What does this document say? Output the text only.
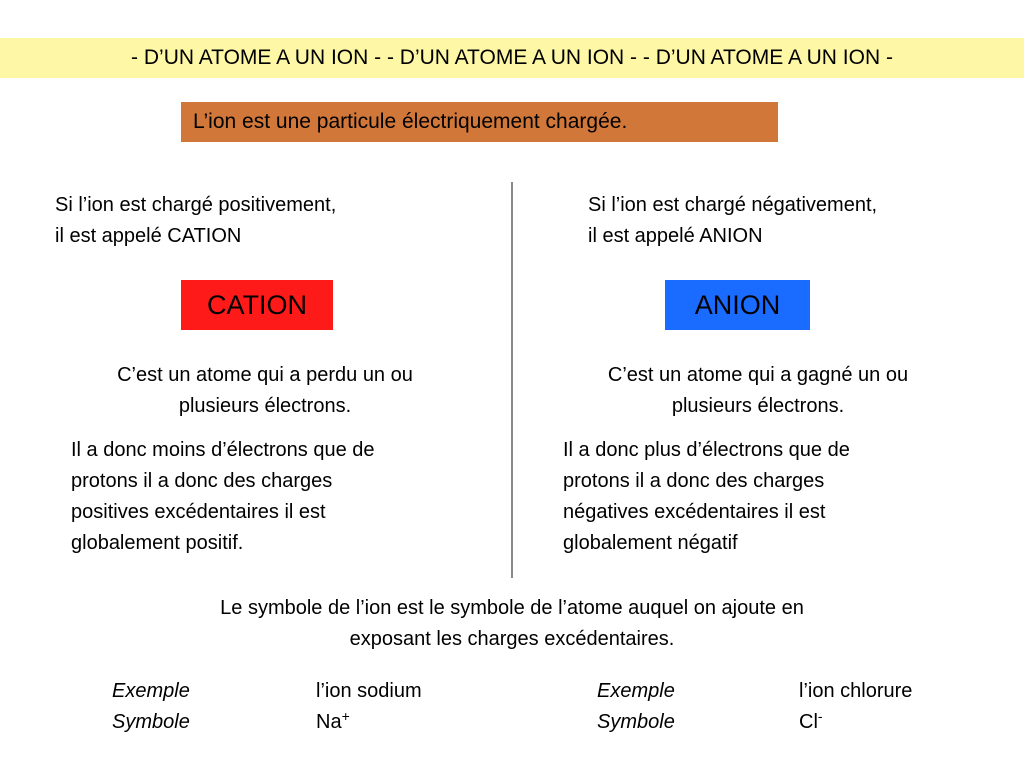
- D’UN ATOME A UN ION - - D’UN ATOME A UN ION - - D’UN ATOME A UN ION -
L’ion est une particule électriquement chargée.
Si l’ion est chargé positivement,
il est appelé CATION
CATION
C’est un atome qui a perdu un ou
plusieurs électrons.
Il a donc moins d’électrons que de
protons il a donc des charges
positives excédentaires il est
globalement positif.
Si l’ion est chargé négativement,
il est appelé ANION
ANION
C’est un atome qui a gagné un ou
plusieurs électrons.
Il a donc plus d’électrons que de
protons il a donc des charges
négatives excédentaires il est
globalement négatif
Le symbole de l’ion est le symbole de l’atome auquel on ajoute en
exposant les charges excédentaires.
Exemple
Symbole
l’ion sodium
Na+
Exemple
Symbole
l’ion chlorure
Cl-
